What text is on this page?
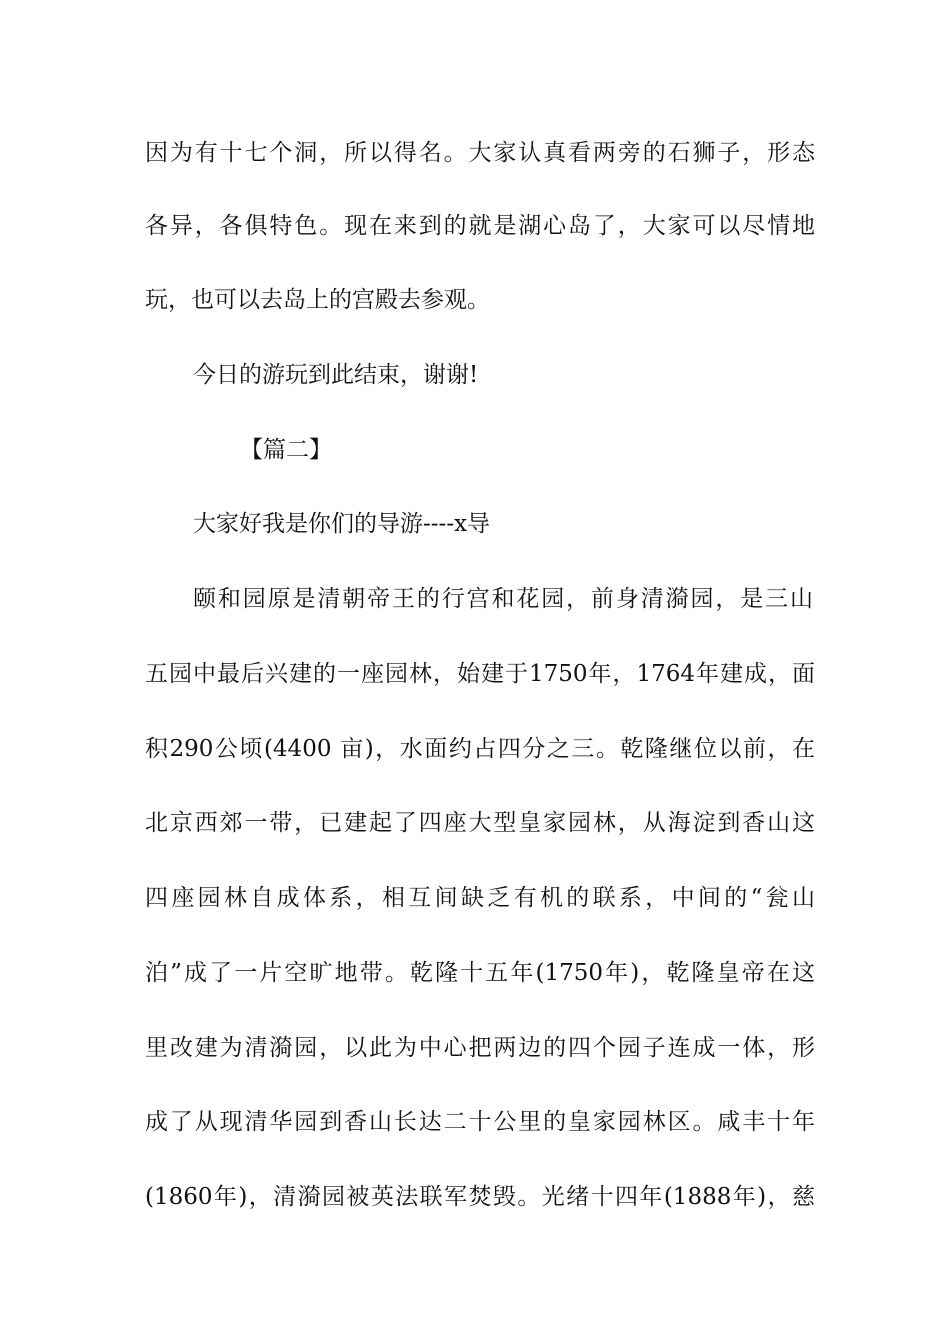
因为有十七个洞，所以得名。大家认真看两旁的石狮子，形态
各异，各俱特色。现在来到的就是湖心岛了，大家可以尽情地
玩，也可以去岛上的宫殿去参观。
今日的游玩到此结束，谢谢!
【篇二】
大家好我是你们的导游----x导
颐和园原是清朝帝王的行宫和花园，前身清漪园，是三山
五园中最后兴建的一座园林，始建于1750年，1764年建成，面
积290公顷(4400 亩)，水面约占四分之三。乾隆继位以前，在
北京西郊一带，已建起了四座大型皇家园林，从海淀到香山这
四座园林自成体系，相互间缺乏有机的联系，中间的“瓮山
泊”成了一片空旷地带。乾隆十五年(1750年)，乾隆皇帝在这
里改建为清漪园，以此为中心把两边的四个园子连成一体，形
成了从现清华园到香山长达二十公里的皇家园林区。咸丰十年
(1860年)，清漪园被英法联军焚毁。光绪十四年(1888年)，慈
